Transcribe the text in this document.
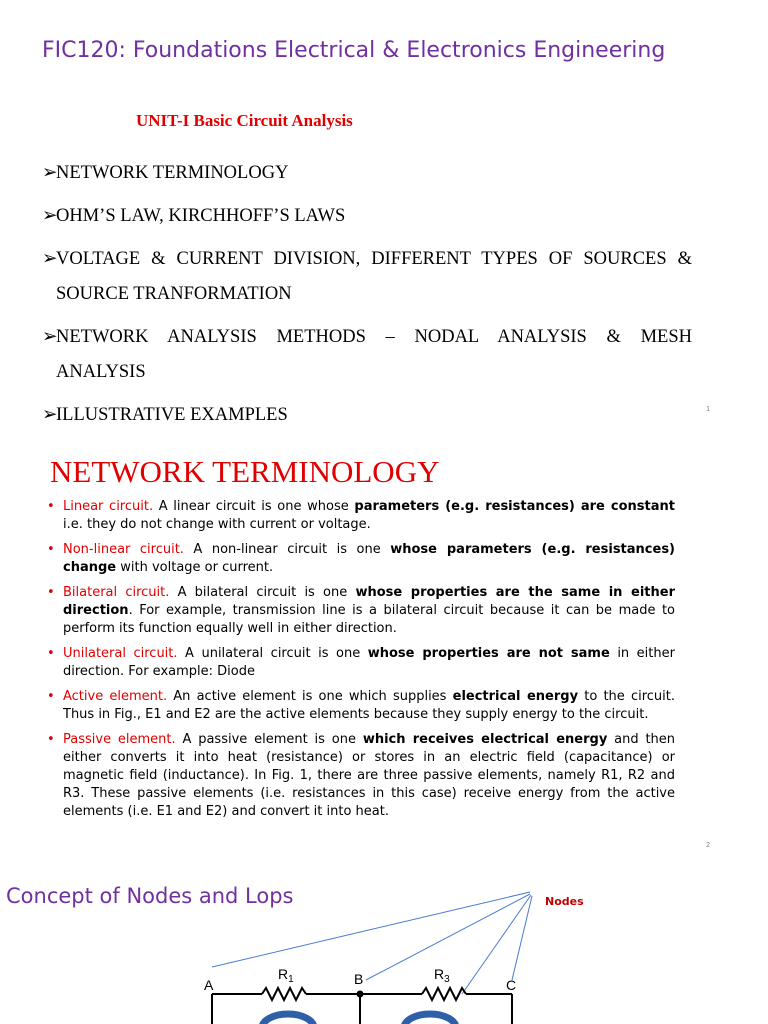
FIC120: Foundations Electrical & Electronics Engineering
UNIT-I Basic Circuit Analysis
➢NETWORK TERMINOLOGY
➢OHM’S LAW, KIRCHHOFF’S LAWS
➢VOLTAGE & CURRENT DIVISION, DIFFERENT TYPES OF SOURCES &
SOURCE TRANFORMATION
➢NETWORK ANALYSIS METHODS – NODAL ANALYSIS & MESH
ANALYSIS
➢ILLUSTRATIVE EXAMPLES	1
NETWORK TERMINOLOGY
• Linear circuit. A linear circuit is one whose parameters (e.g. resistances) are constant i.e. they do not change with current or voltage.
• Non-linear circuit. A non-linear circuit is one whose parameters (e.g. resistances) change with voltage or current.
• Bilateral circuit. A bilateral circuit is one whose properties are the same in either direction. For example, transmission line is a bilateral circuit because it can be made to perform its function equally well in either direction.
• Unilateral circuit. A unilateral circuit is one whose properties are not same in either direction. For example: Diode
• Active element. An active element is one which supplies electrical energy to the circuit. Thus in Fig., E1 and E2 are the active elements because they supply energy to the circuit.
• Passive element. A passive element is one which receives electrical energy and then either converts it into heat (resistance) or stores in an electric field (capacitance) or magnetic field (inductance). In Fig. 1, there are three passive elements, namely R1, R2 and R3. These passive elements (i.e. resistances in this case) receive energy from the active elements (i.e. E1 and E2) and convert it into heat.
2
Concept of Nodes and Lops	Nodes
A	B	C
$R_1$	$R_3$
